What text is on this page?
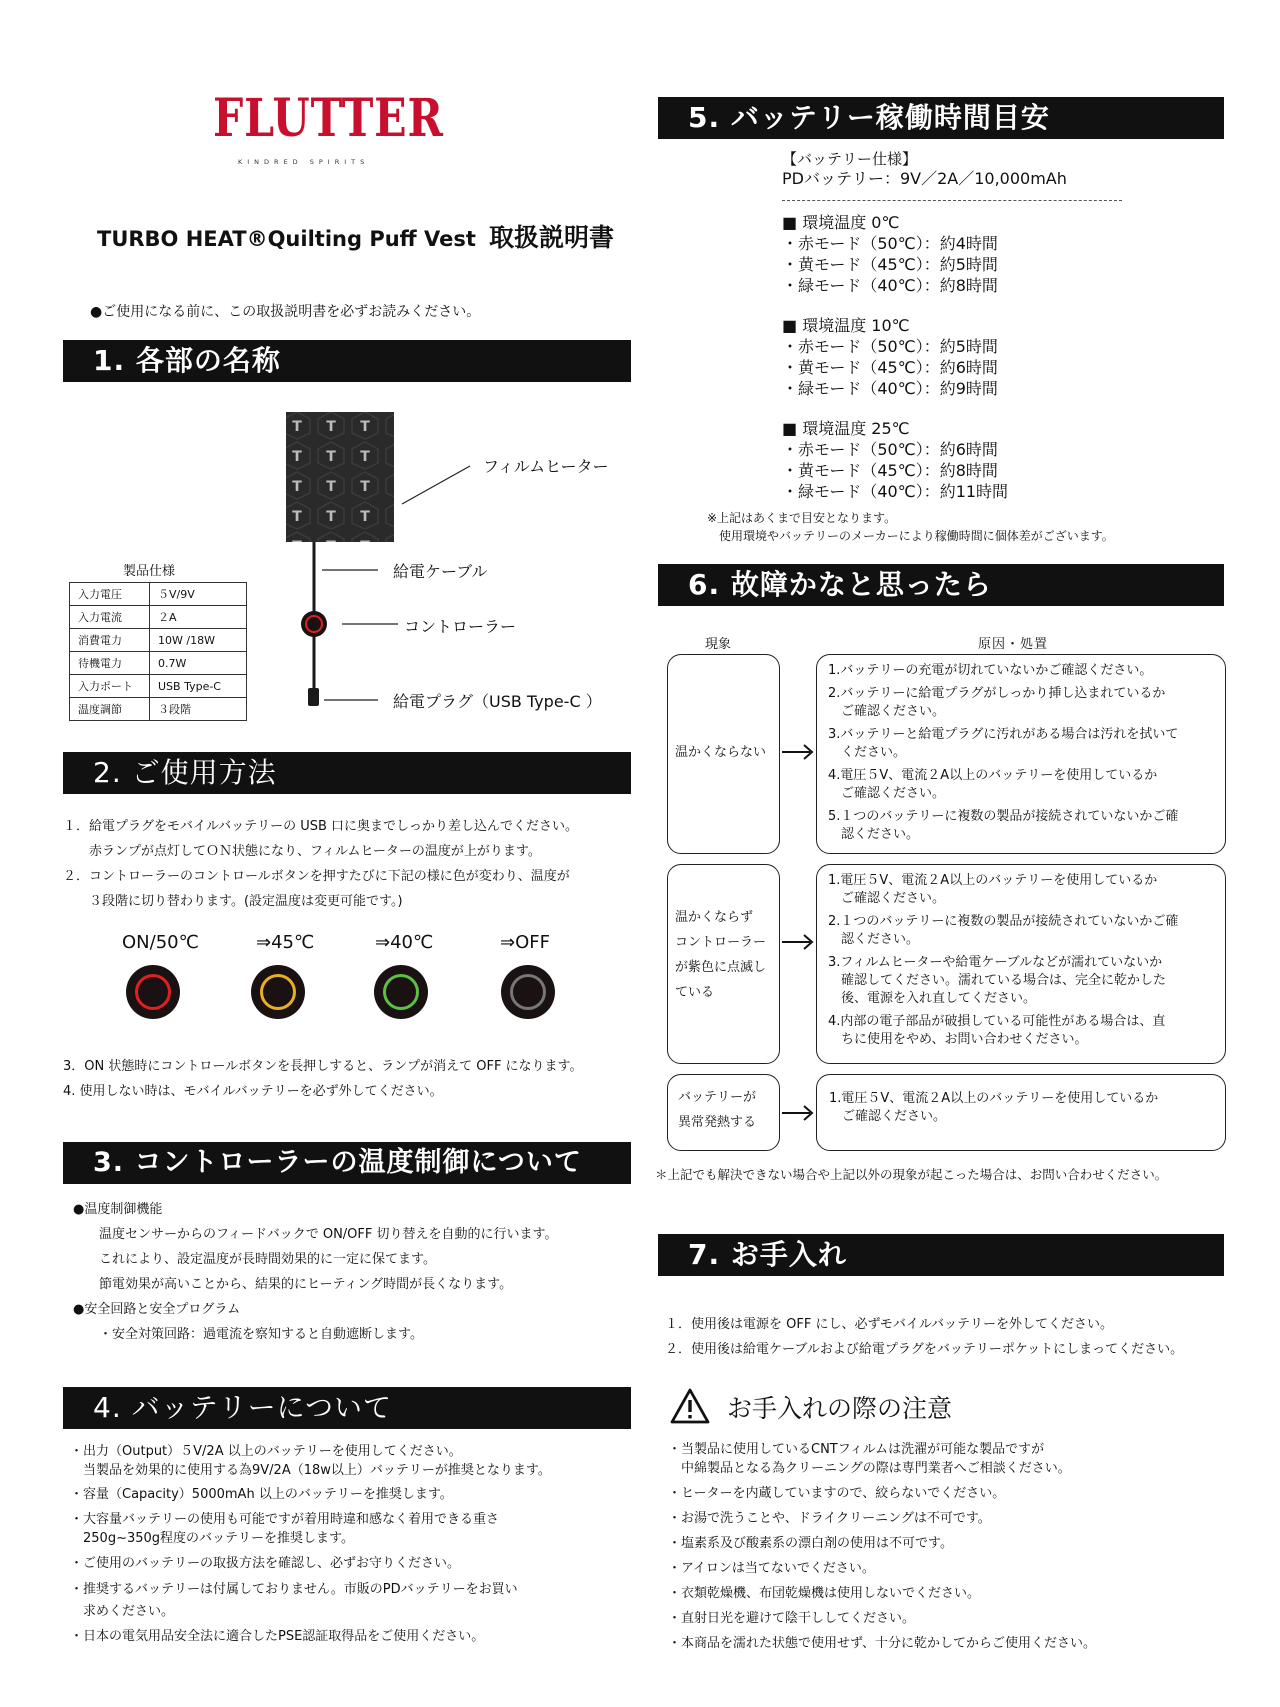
FLUTTER
KINDRED SPIRITS
TURBO HEAT®Quilting Puff Vest 取扱説明書
●ご使用になる前に、この取扱説明書を必ずお読みください。
1. 各部の名称
フィルムヒーター
給電ケーブル
コントローラー
給電プラグ（USB Type-C ）
製品仕様
入力電圧	５V/9V
入力電流	２A
消費電力	10W /18W
待機電力	0.7W
入力ポート	USB Type-C
温度調節	３段階
2. ご使用方法
１．給電プラグをモバイルバッテリーの USB 口に奥までしっかり差し込んでください。
　　赤ランプが点灯してＯＮ状態になり、フィルムヒーターの温度が上がります。
２．コントローラーのコントロールボタンを押すたびに下記の様に色が変わり、温度が
　　３段階に切り替わります。(設定温度は変更可能です。)
ON/50℃	⇒45℃	⇒40℃	⇒OFF
3．ON 状態時にコントロールボタンを長押しすると、ランプが消えて OFF になります。
4. 使用しない時は、モバイルバッテリーを必ず外してください。
3. コントローラーの温度制御について
●温度制御機能
　　温度センサーからのフィードバックで ON/OFF 切り替えを自動的に行います。
　　これにより、設定温度が長時間効果的に一定に保てます。
　　節電効果が高いことから、結果的にヒーティング時間が長くなります。
●安全回路と安全プログラム
　　・安全対策回路：過電流を察知すると自動遮断します。
4. バッテリーについて
・出力（Output）５V/2A 以上のバッテリーを使用してください。
　当製品を効果的に使用する為9V/2A（18w以上）バッテリーが推奨となります。
・容量（Capacity）5000mAh 以上のバッテリーを推奨します。
・大容量バッテリーの使用も可能ですが着用時違和感なく着用できる重さ
　250g~350g程度のバッテリーを推奨します。
・ご使用のバッテリーの取扱方法を確認し、必ずお守りください。
・推奨するバッテリーは付属しておりません。市販のPDバッテリーをお買い
　求めください。
・日本の電気用品安全法に適合したPSE認証取得品をご使用ください。
5. バッテリー稼働時間目安
【バッテリー仕様】
PDバッテリー：9V／2A／10,000mAh
■ 環境温度 0℃
・赤モード（50℃）：約4時間
・黄モード（45℃）：約5時間
・緑モード（40℃）：約8時間
■ 環境温度 10℃
・赤モード（50℃）：約5時間
・黄モード（45℃）：約6時間
・緑モード（40℃）：約9時間
■ 環境温度 25℃
・赤モード（50℃）：約6時間
・黄モード（45℃）：約8時間
・緑モード（40℃）：約11時間
※上記はあくまで目安となります。
　使用環境やバッテリーのメーカーにより稼働時間に個体差がございます。
6. 故障かなと思ったら
現象	原因・処置
温かくならない

1.バッテリーの充電が切れていないかご確認ください。

2.バッテリーに給電プラグがしっかり挿し込まれているか
　ご確認ください。

3.バッテリーと給電プラグに汚れがある場合は汚れを拭いて
　ください。

4.電圧５V、電流２A以上のバッテリーを使用しているか
　ご確認ください。

5.１つのバッテリーに複数の製品が接続されていないかご確
　認ください。

温かくならず
コントローラー
が紫色に点滅し
ている

1.電圧５V、電流２A以上のバッテリーを使用しているか
　ご確認ください。

2.１つのバッテリーに複数の製品が接続されていないかご確
　認ください。

3.フィルムヒーターや給電ケーブルなどが濡れていないか
　確認してください。濡れている場合は、完全に乾かした
　後、電源を入れ直してください。

4.内部の電子部品が破損している可能性がある場合は、直
　ちに使用をやめ、お問い合わせください。

バッテリーが
異常発熱する

1.電圧５V、電流２A以上のバッテリーを使用しているか
　ご確認ください。

＊上記でも解決できない場合や上記以外の現象が起こった場合は、お問い合わせください。
7. お手入れ
１．使用後は電源を OFF にし、必ずモバイルバッテリーを外してください。
２．使用後は給電ケーブルおよび給電プラグをバッテリーポケットにしまってください。
お手入れの際の注意
・当製品に使用しているCNTフィルムは洗濯が可能な製品ですが
　中綿製品となる為クリーニングの際は専門業者へご相談ください。
・ヒーターを内蔵していますので、絞らないでください。
・お湯で洗うことや、ドライクリーニングは不可です。
・塩素系及び酸素系の漂白剤の使用は不可です。
・アイロンは当てないでください。
・衣類乾燥機、布団乾燥機は使用しないでください。
・直射日光を避けて陰干ししてください。
・本商品を濡れた状態で使用せず、十分に乾かしてからご使用ください。
